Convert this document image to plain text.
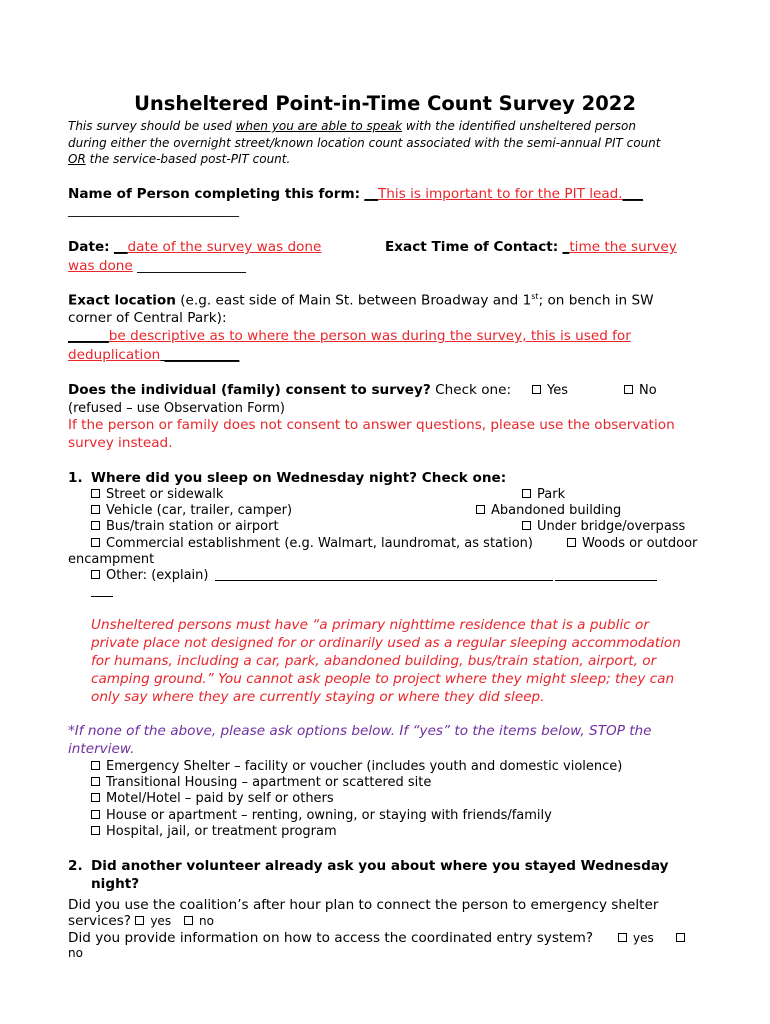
Unsheltered Point-in-Time Count Survey 2022
This survey should be used when you are able to speak with the identified unsheltered person
during either the overnight street/known location count associated with the semi-annual PIT count
OR the service-based post-PIT count.
Name of Person completing this form: __This is important to for the PIT lead.___
_______________________________
Date: __date of the survey was done	Exact Time of Contact: _time the survey
was done ________________
Exact location (e.g. east side of Main St. between Broadway and 1st; on bench in SW
corner of Central Park):
______be descriptive as to where the person was during the survey, this is used for
deduplication ___________
Does the individual (family) consent to survey? Check one:	Yes	No
(refused – use Observation Form)
If the person or family does not consent to answer questions, please use the observation
survey instead.
1. Where did you sleep on Wednesday night? Check one:
Street or sidewalk	Park
Vehicle (car, trailer, camper)	Abandoned building
Bus/train station or airport	Under bridge/overpass
Commercial establishment (e.g. Walmart, laundromat, as station)	Woods or outdoor
encampment
Other: (explain)
Unsheltered persons must have “a primary nighttime residence that is a public or
private place not designed for or ordinarily used as a regular sleeping accommodation
for humans, including a car, park, abandoned building, bus/train station, airport, or
camping ground.” You cannot ask people to project where they might sleep; they can
only say where they are currently staying or where they did sleep.
*If none of the above, please ask options below. If “yes” to the items below, STOP the
interview.
Emergency Shelter – facility or voucher (includes youth and domestic violence)
Transitional Housing – apartment or scattered site
Motel/Hotel – paid by self or others
House or apartment – renting, owning, or staying with friends/family
Hospital, jail, or treatment program
2. Did another volunteer already ask you about where you stayed Wednesday
night?
Did you use the coalition’s after hour plan to connect the person to emergency shelter
services? yes no
Did you provide information on how to access the coordinated entry system?	yes
no
